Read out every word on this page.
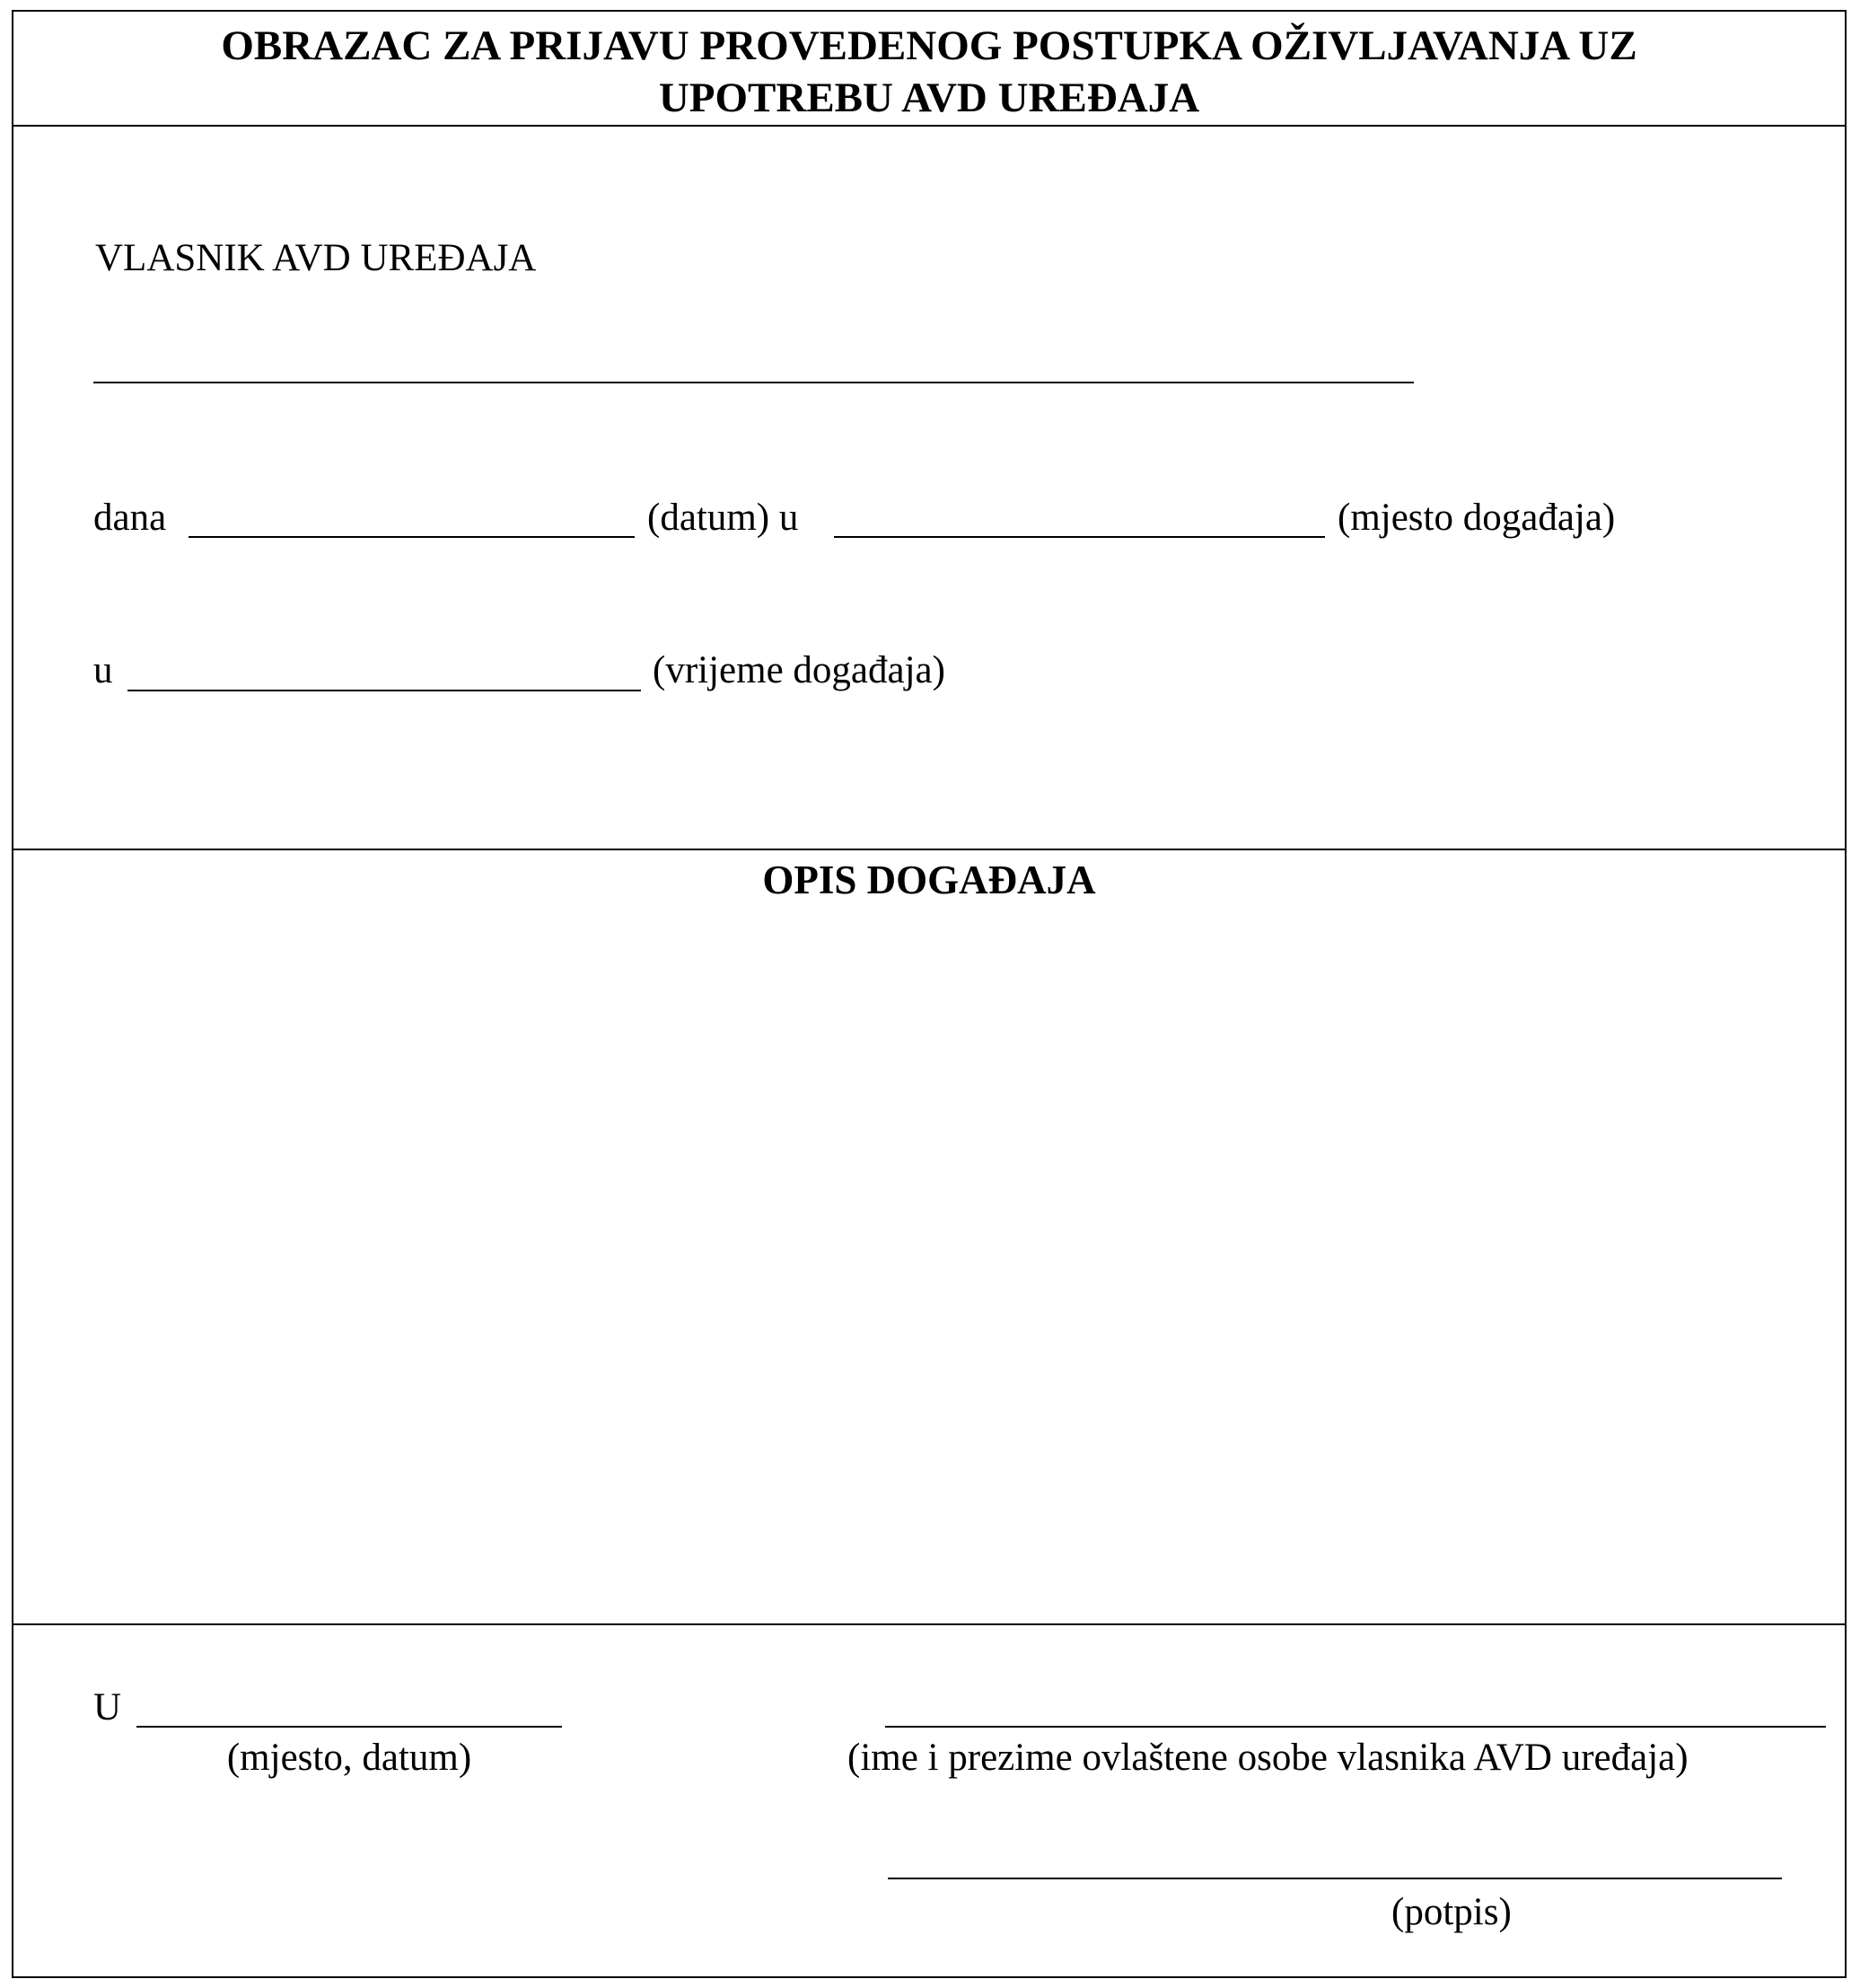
OBRAZAC ZA PRIJAVU PROVEDENOG POSTUPKA OŽIVLJAVANJA UZ
UPOTREBU AVD UREĐAJA
VLASNIK AVD UREĐAJA
dana	(datum) u	(mjesto događaja)
u	(vrijeme događaja)
OPIS DOGAĐAJA
U
(mjesto, datum)	(ime i prezime ovlaštene osobe vlasnika AVD uređaja)
(potpis)
